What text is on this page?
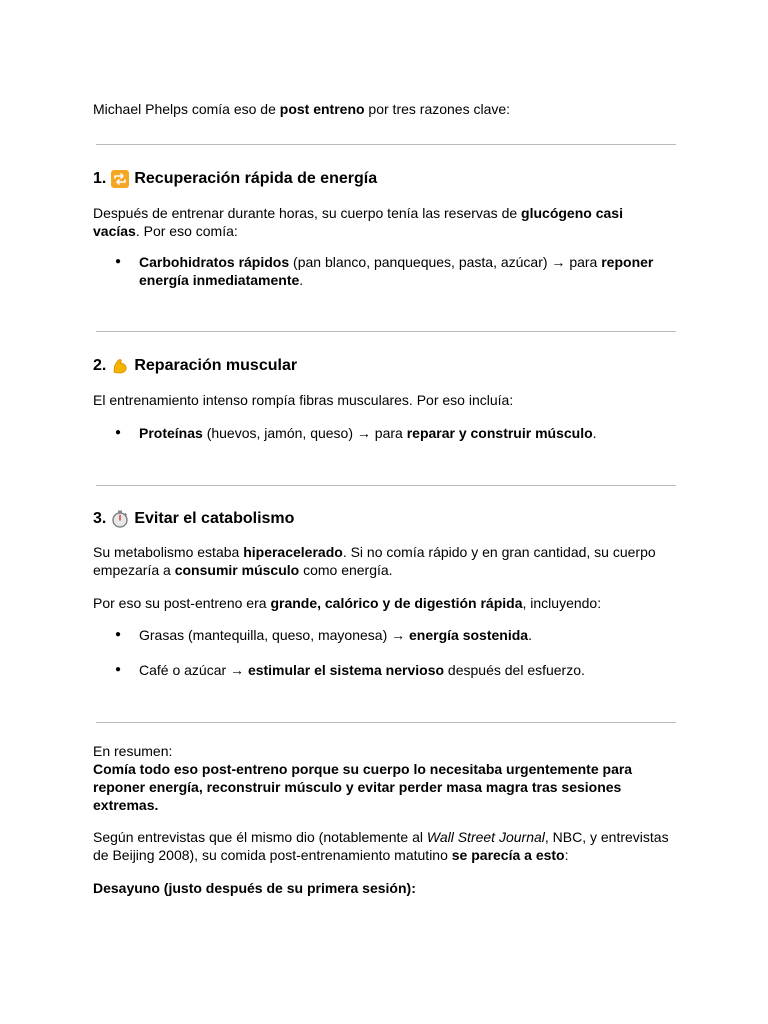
Michael Phelps comía eso de post entreno por tres razones clave:

1. Recuperación rápida de energía

Después de entrenar durante horas, su cuerpo tenía las reservas de glucógeno casi vacías. Por eso comía:

● Carbohidratos rápidos (pan blanco, panqueques, pasta, azúcar) → para reponer energía inmediatamente.
2. Reparación muscular

El entrenamiento intenso rompía fibras musculares. Por eso incluía:

● Proteínas (huevos, jamón, queso) → para reparar y construir músculo.
3. Evitar el catabolismo

Su metabolismo estaba hiperacelerado. Si no comía rápido y en gran cantidad, su cuerpo empezaría a consumir músculo como energía.

Por eso su post-entreno era grande, calórico y de digestión rápida, incluyendo:

● Grasas (mantequilla, queso, mayonesa) → energía sostenida.
● Café o azúcar → estimular el sistema nervioso después del esfuerzo.

En resumen:

Comía todo eso post-entreno porque su cuerpo lo necesitaba urgentemente para reponer energía, reconstruir músculo y evitar perder masa magra tras sesiones extremas.

Según entrevistas que él mismo dio (notablemente al Wall Street Journal, NBC, y entrevistas de Beijing 2008), su comida post-entrenamiento matutino se parecía a esto:

Desayuno (justo después de su primera sesión):
